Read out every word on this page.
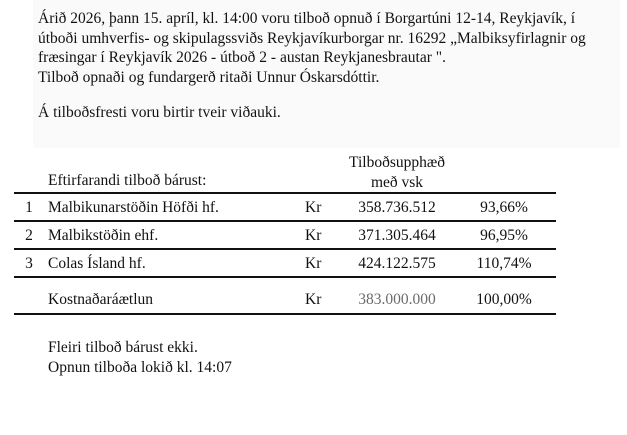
Árið 2026, þann 15. apríl, kl. 14:00 voru tilboð opnuð í Borgartúni 12-14, Reykjavík, í
útboði umhverfis- og skipulagssviðs Reykjavíkurborgar nr. 16292 „Malbiksyfirlagnir og
fræsingar í Reykjavík 2026 - útboð 2 - austan Reykjanesbrautar ".
Tilboð opnaði og fundargerð ritaði Unnur Óskarsdóttir.
Á tilboðsfresti voru birtir tveir viðauki.
Tilboðsupphæð
með vsk
Eftirfarandi tilboð bárust:
1 Malbikunarstöðin Höfði hf.	Kr	358.736.512	93,66%
2 Malbikstöðin ehf.	Kr	371.305.464	96,95%
3 Colas Ísland hf.	Kr	424.122.575	110,74%
Kostnaðaráætlun	Kr	383.000.000	100,00%
Fleiri tilboð bárust ekki.
Opnun tilboða lokið kl. 14:07
